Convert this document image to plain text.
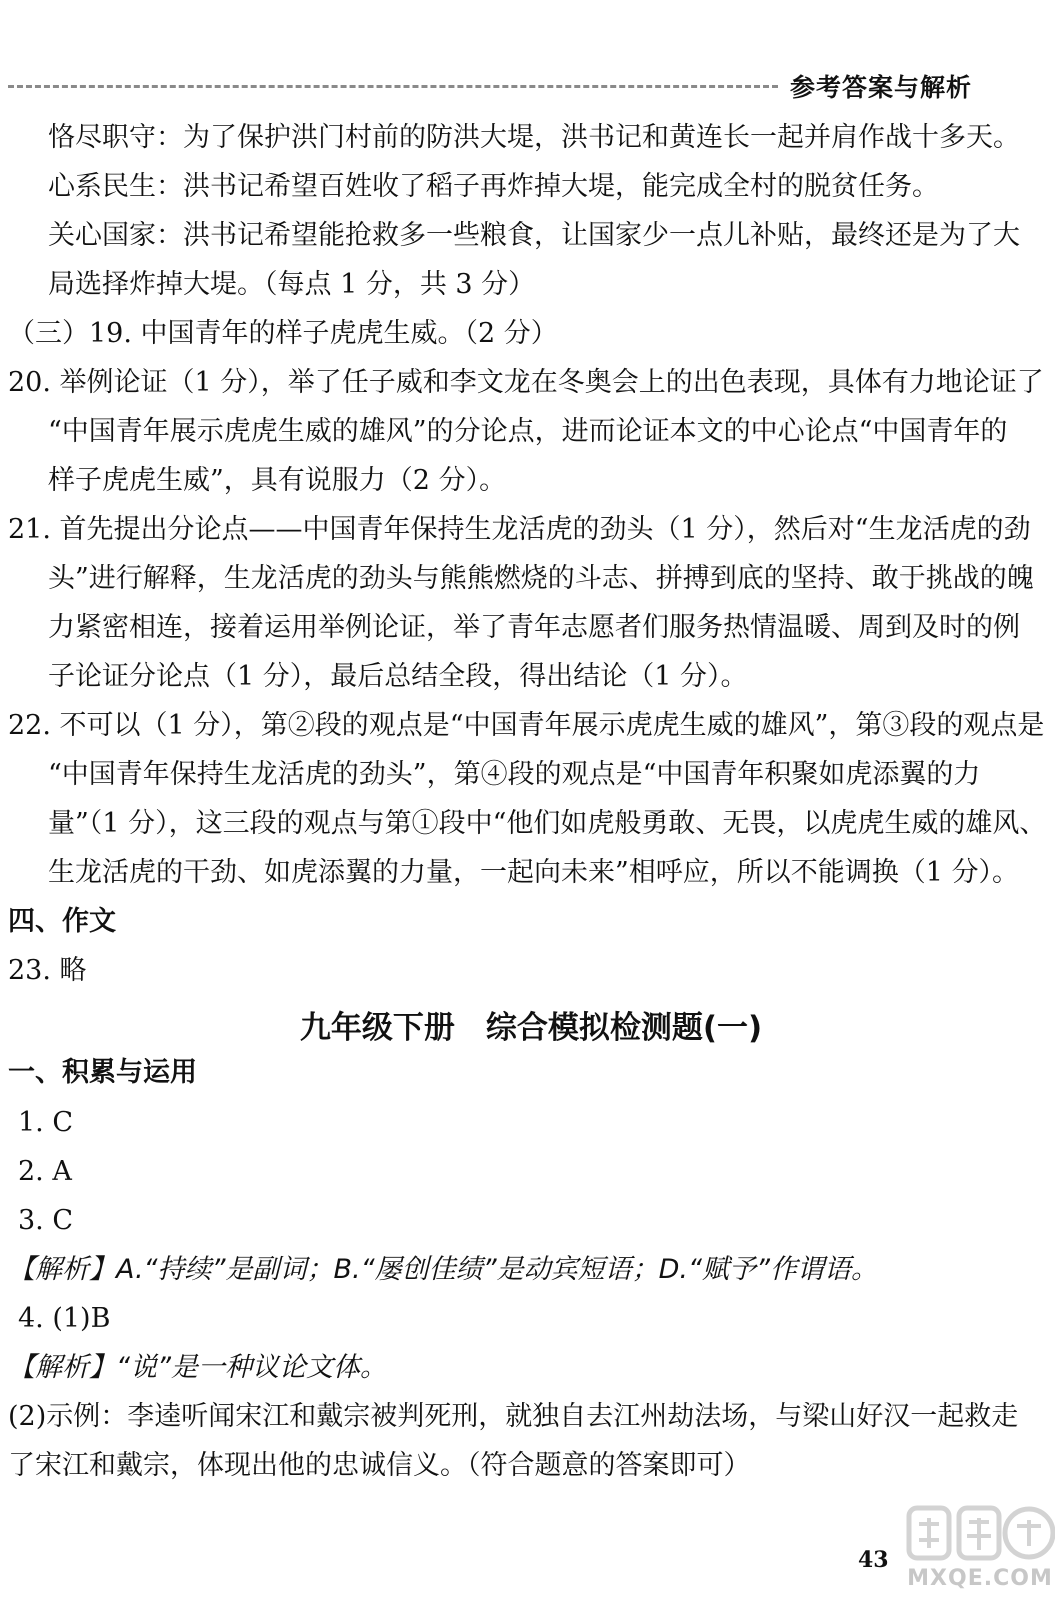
参考答案与解析
恪尽职守：为了保护洪门村前的防洪大堤，洪书记和黄连长一起并肩作战十多天。
心系民生：洪书记希望百姓收了稻子再炸掉大堤，能完成全村的脱贫任务。
关心国家：洪书记希望能抢救多一些粮食，让国家少一点儿补贴，最终还是为了大
局选择炸掉大堤。（每点 1 分，共 3 分）
（三）19. 中国青年的样子虎虎生威。（2 分）
20. 举例论证（1 分），举了任子威和李文龙在冬奥会上的出色表现，具体有力地论证了
“中国青年展示虎虎生威的雄风”的分论点，进而论证本文的中心论点“中国青年的
样子虎虎生威”，具有说服力（2 分）。
21. 首先提出分论点——中国青年保持生龙活虎的劲头（1 分），然后对“生龙活虎的劲
头”进行解释，生龙活虎的劲头与熊熊燃烧的斗志、拼搏到底的坚持、敢于挑战的魄
力紧密相连，接着运用举例论证，举了青年志愿者们服务热情温暖、周到及时的例
子论证分论点（1 分），最后总结全段，得出结论（1 分）。
22. 不可以（1 分），第②段的观点是“中国青年展示虎虎生威的雄风”，第③段的观点是
“中国青年保持生龙活虎的劲头”，第④段的观点是“中国青年积聚如虎添翼的力
量”（1 分），这三段的观点与第①段中“他们如虎般勇敢、无畏，以虎虎生威的雄风、
生龙活虎的干劲、如虎添翼的力量，一起向未来”相呼应，所以不能调换（1 分）。
四、作文
23. 略
九年级下册　综合模拟检测题(一)
一、积累与运用
1. C
2. A
3. C
【解析】A.“持续”是副词；B.“屡创佳绩”是动宾短语；D.“赋予”作谓语。
4. (1)B
【解析】“说”是一种议论文体。
(2)示例：李逵听闻宋江和戴宗被判死刑，就独自去江州劫法场，与梁山好汉一起救走
了宋江和戴宗，体现出他的忠诚信义。（符合题意的答案即可）
43
MXQE.COM
